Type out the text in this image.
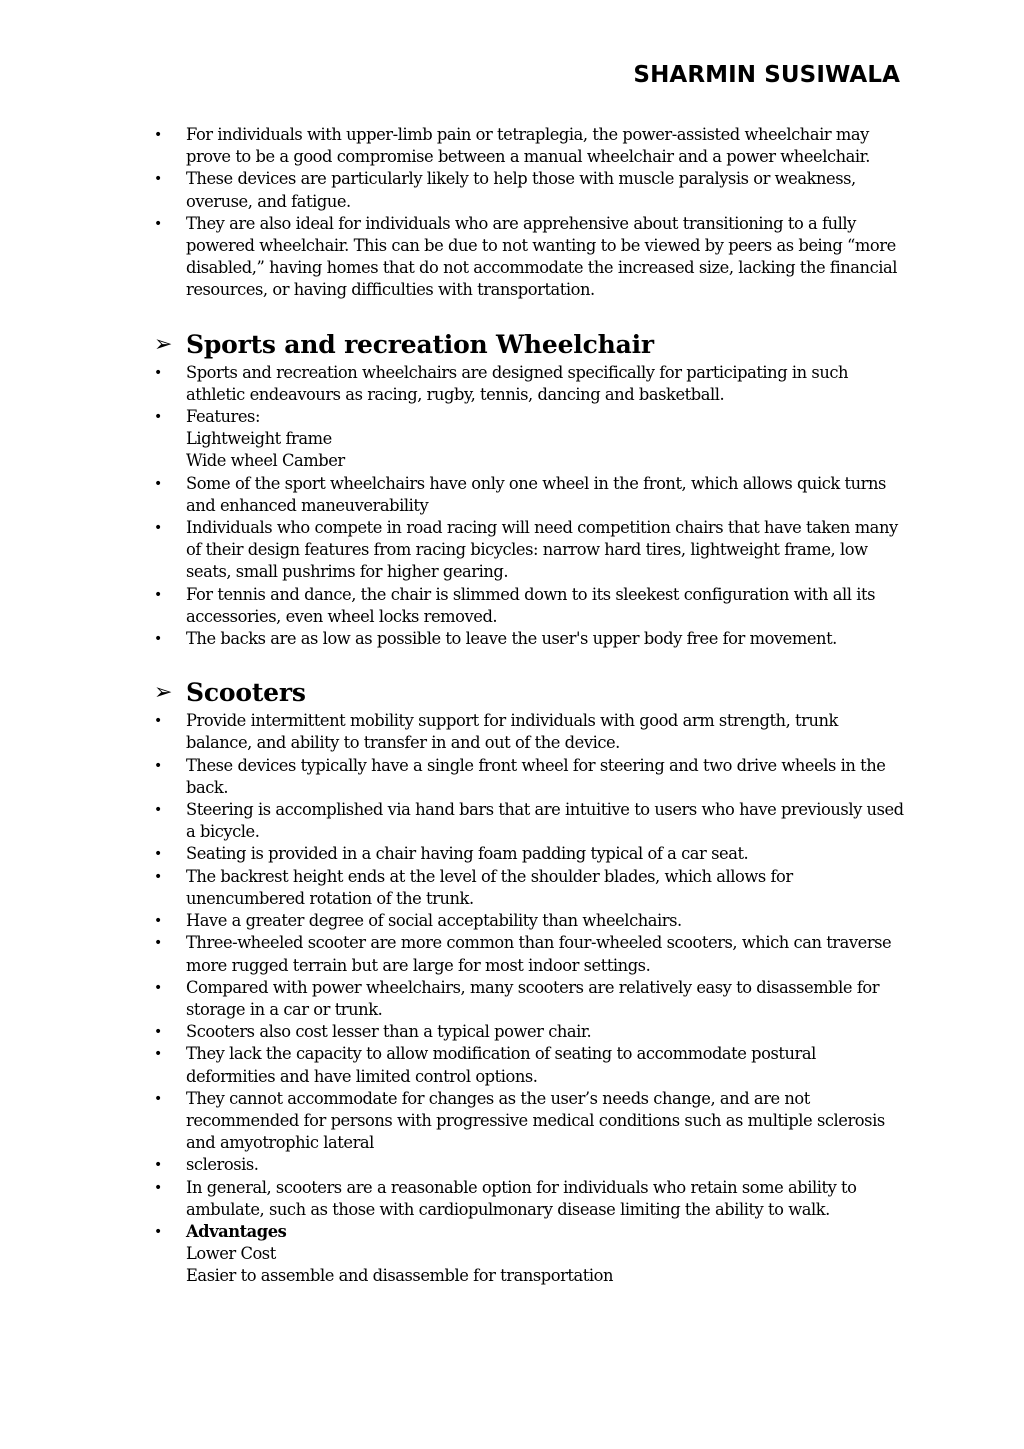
SHARMIN SUSIWALA
• For individuals with upper-limb pain or tetraplegia, the power-assisted wheelchair may prove to be a good compromise between a manual wheelchair and a power wheelchair.
• These devices are particularly likely to help those with muscle paralysis or weakness, overuse, and fatigue.
• They are also ideal for individuals who are apprehensive about transitioning to a fully powered wheelchair. This can be due to not wanting to be viewed by peers as being “more disabled,” having homes that do not accommodate the increased size, lacking the financial resources, or having difficulties with transportation.
➢ Sports and recreation Wheelchair
• Sports and recreation wheelchairs are designed specifically for participating in such athletic endeavours as racing, rugby, tennis, dancing and basketball.
• Features:
Lightweight frame
Wide wheel Camber
• Some of the sport wheelchairs have only one wheel in the front, which allows quick turns and enhanced maneuverability
• Individuals who compete in road racing will need competition chairs that have taken many of their design features from racing bicycles: narrow hard tires, lightweight frame, low seats, small pushrims for higher gearing.
• For tennis and dance, the chair is slimmed down to its sleekest configuration with all its accessories, even wheel locks removed.
• The backs are as low as possible to leave the user's upper body free for movement.
➢ Scooters
• Provide intermittent mobility support for individuals with good arm strength, trunk balance, and ability to transfer in and out of the device.
• These devices typically have a single front wheel for steering and two drive wheels in the back.
• Steering is accomplished via hand bars that are intuitive to users who have previously used a bicycle.
• Seating is provided in a chair having foam padding typical of a car seat.
• The backrest height ends at the level of the shoulder blades, which allows for unencumbered rotation of the trunk.
• Have a greater degree of social acceptability than wheelchairs.
• Three-wheeled scooter are more common than four-wheeled scooters, which can traverse more rugged terrain but are large for most indoor settings.
• Compared with power wheelchairs, many scooters are relatively easy to disassemble for storage in a car or trunk.
• Scooters also cost lesser than a typical power chair.
• They lack the capacity to allow modification of seating to accommodate postural deformities and have limited control options.
• They cannot accommodate for changes as the user’s needs change, and are not recommended for persons with progressive medical conditions such as multiple sclerosis and amyotrophic lateral
• sclerosis.
• In general, scooters are a reasonable option for individuals who retain some ability to ambulate, such as those with cardiopulmonary disease limiting the ability to walk.
• Advantages
Lower Cost
Easier to assemble and disassemble for transportation
